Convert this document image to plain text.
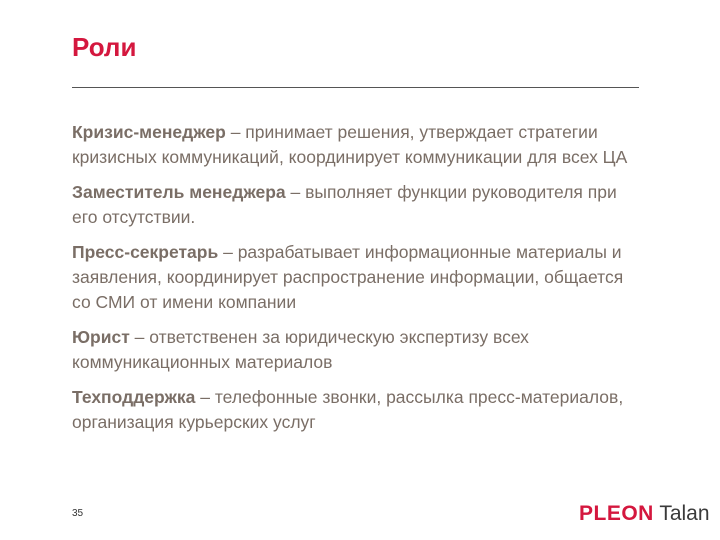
Роли

Кризис-менеджер – принимает решения, утверждает стратегии кризисных коммуникаций, координирует коммуникации для всех ЦА

Заместитель менеджера – выполняет функции руководителя при его отсутствии.

Пресс-секретарь – разрабатывает информационные материалы и заявления, координирует распространение информации, общается со СМИ от имени компании

Юрист – ответственен за юридическую экспертизу всех коммуникационных материалов

Техподдержка – телефонные звонки, рассылка пресс-материалов, организация курьерских услуг

35	PLEON Talan
